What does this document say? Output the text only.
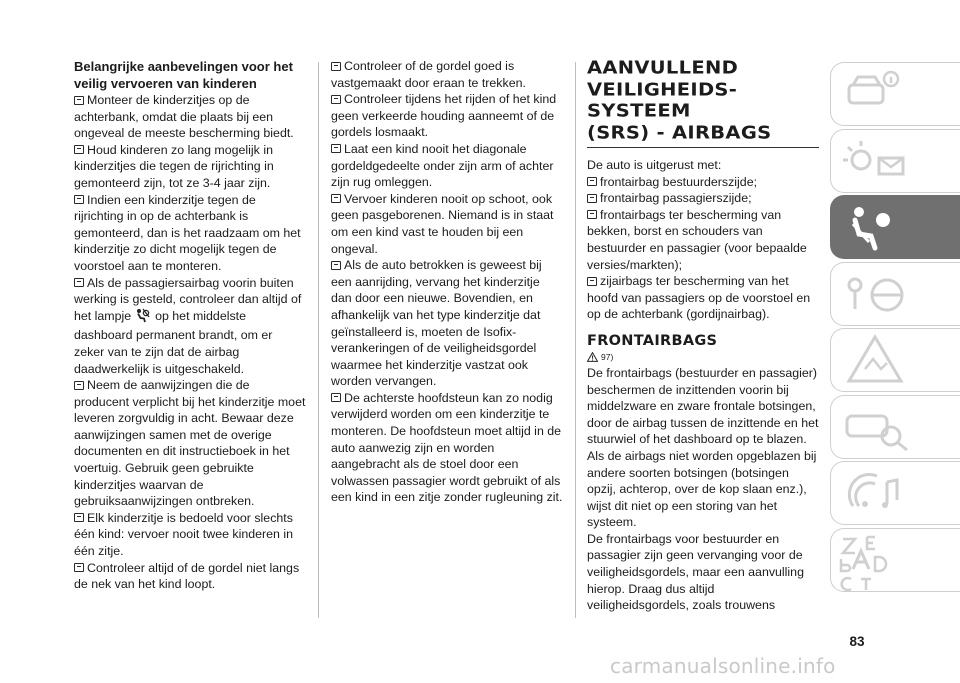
Belangrijke aanbevelingen voor het veilig vervoeren van kinderen

Monteer de kinderzitjes op de achterbank, omdat die plaats bij een ongeveal de meeste bescherming biedt.

Houd kinderen zo lang mogelijk in kinderzitjes die tegen de rijrichting in gemonteerd zijn, tot ze 3-4 jaar zijn.

Indien een kinderzitje tegen de rijrichting in op de achterbank is gemonteerd, dan is het raadzaam om het kinderzitje zo dicht mogelijk tegen de voorstoel aan te monteren.

Als de passagiersairbag voorin buiten werking is gesteld, controleer dan altijd of het lampje  op het middelste dashboard permanent brandt, om er zeker van te zijn dat de airbag daadwerkelijk is uitgeschakeld.

Neem de aanwijzingen die de producent verplicht bij het kinderzitje moet leveren zorgvuldig in acht. Bewaar deze aanwijzingen samen met de overige documenten en dit instructieboek in het voertuig. Gebruik geen gebruikte kinderzitjes waarvan de gebruiksaanwijzingen ontbreken.

Elk kinderzitje is bedoeld voor slechts één kind: vervoer nooit twee kinderen in één zitje.

Controleer altijd of de gordel niet langs de nek van het kind loopt.

Controleer of de gordel goed is vastgemaakt door eraan te trekken.

Controleer tijdens het rijden of het kind geen verkeerde houding aanneemt of de gordels losmaakt.

Laat een kind nooit het diagonale gordeldgedeelte onder zijn arm of achter zijn rug omleggen.

Vervoer kinderen nooit op schoot, ook geen pasgeborenen. Niemand is in staat om een kind vast te houden bij een ongeval.

Als de auto betrokken is geweest bij een aanrijding, vervang het kinderzitje dan door een nieuwe. Bovendien, en afhankelijk van het type kinderzitje dat geïnstalleerd is, moeten de Isofix-verankeringen of de veiligheidsgordel waarmee het kinderzitje vastzat ook worden vervangen.

De achterste hoofdsteun kan zo nodig verwijderd worden om een kinderzitje te monteren. De hoofdsteun moet altijd in de auto aanwezig zijn en worden aangebracht als de stoel door een volwassen passagier wordt gebruikt of als een kind in een zitje zonder rugleuning zit.

AANVULLEND
VEILIGHEIDS-
SYSTEEM
(SRS) - AIRBAGS

De auto is uitgerust met:

frontairbag bestuurderszijde;

frontairbag passagierszijde;

frontairbags ter bescherming van bekken, borst en schouders van bestuurder en passagier (voor bepaalde versies/markten);

zijairbags ter bescherming van het hoofd van passagiers op de voorstoel en op de achterbank (gordijnairbag).

FRONTAIRBAGS
97)

De frontairbags (bestuurder en passagier) beschermen de inzittenden voorin bij middelzware en zware frontale botsingen, door de airbag tussen de inzittende en het stuurwiel of het dashboard op te blazen.

Als de airbags niet worden opgeblazen bij andere soorten botsingen (botsingen opzij, achterop, over de kop slaan enz.), wijst dit niet op een storing van het systeem.

De frontairbags voor bestuurder en passagier zijn geen vervanging voor de veiligheidsgordels, maar een aanvulling hierop. Draag dus altijd veiligheidsgordels, zoals trouwens

83
carmanualsonline.info
